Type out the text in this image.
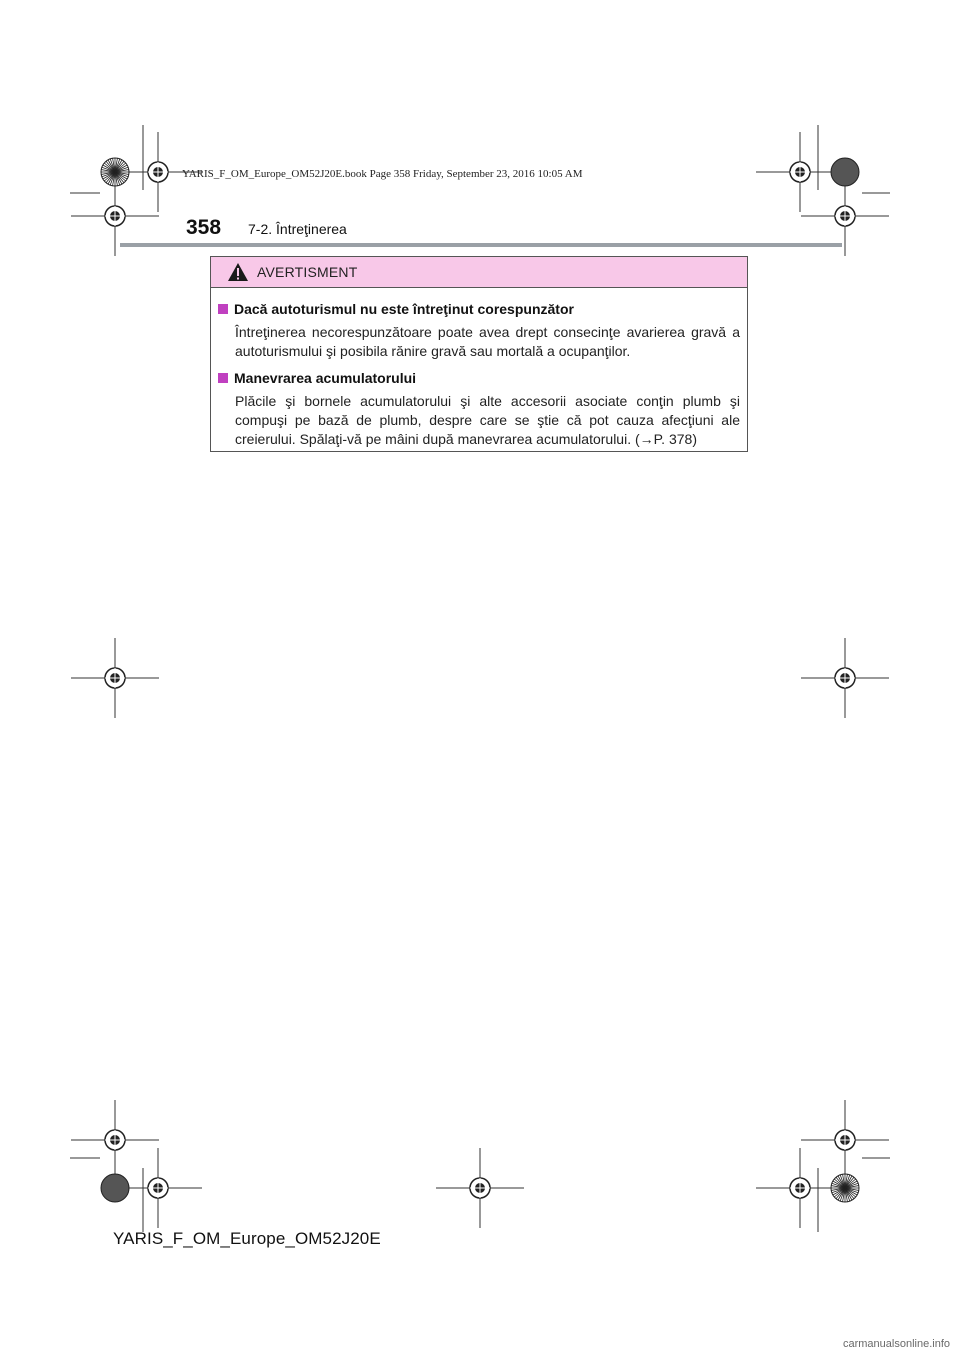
YARIS_F_OM_Europe_OM52J20E.book Page 358 Friday, September 23, 2016 10:05 AM
358 7-2. Întreţinerea
AVERTISMENT
Dacă autoturismul nu este întreţinut corespunzător
Întreţinerea necorespunzătoare poate avea drept consecinţe avarierea gravă a autoturismului şi posibila rănire gravă sau mortală a ocupanţilor.
Manevrarea acumulatorului
Plăcile şi bornele acumulatorului şi alte accesorii asociate conţin plumb şi compuşi pe bază de plumb, despre care se ştie că pot cauza afecţiuni ale creierului. Spălaţi-vă pe mâini după manevrarea acumulatorului. (→P. 378)
YARIS_F_OM_Europe_OM52J20E
carmanualsonline.info
